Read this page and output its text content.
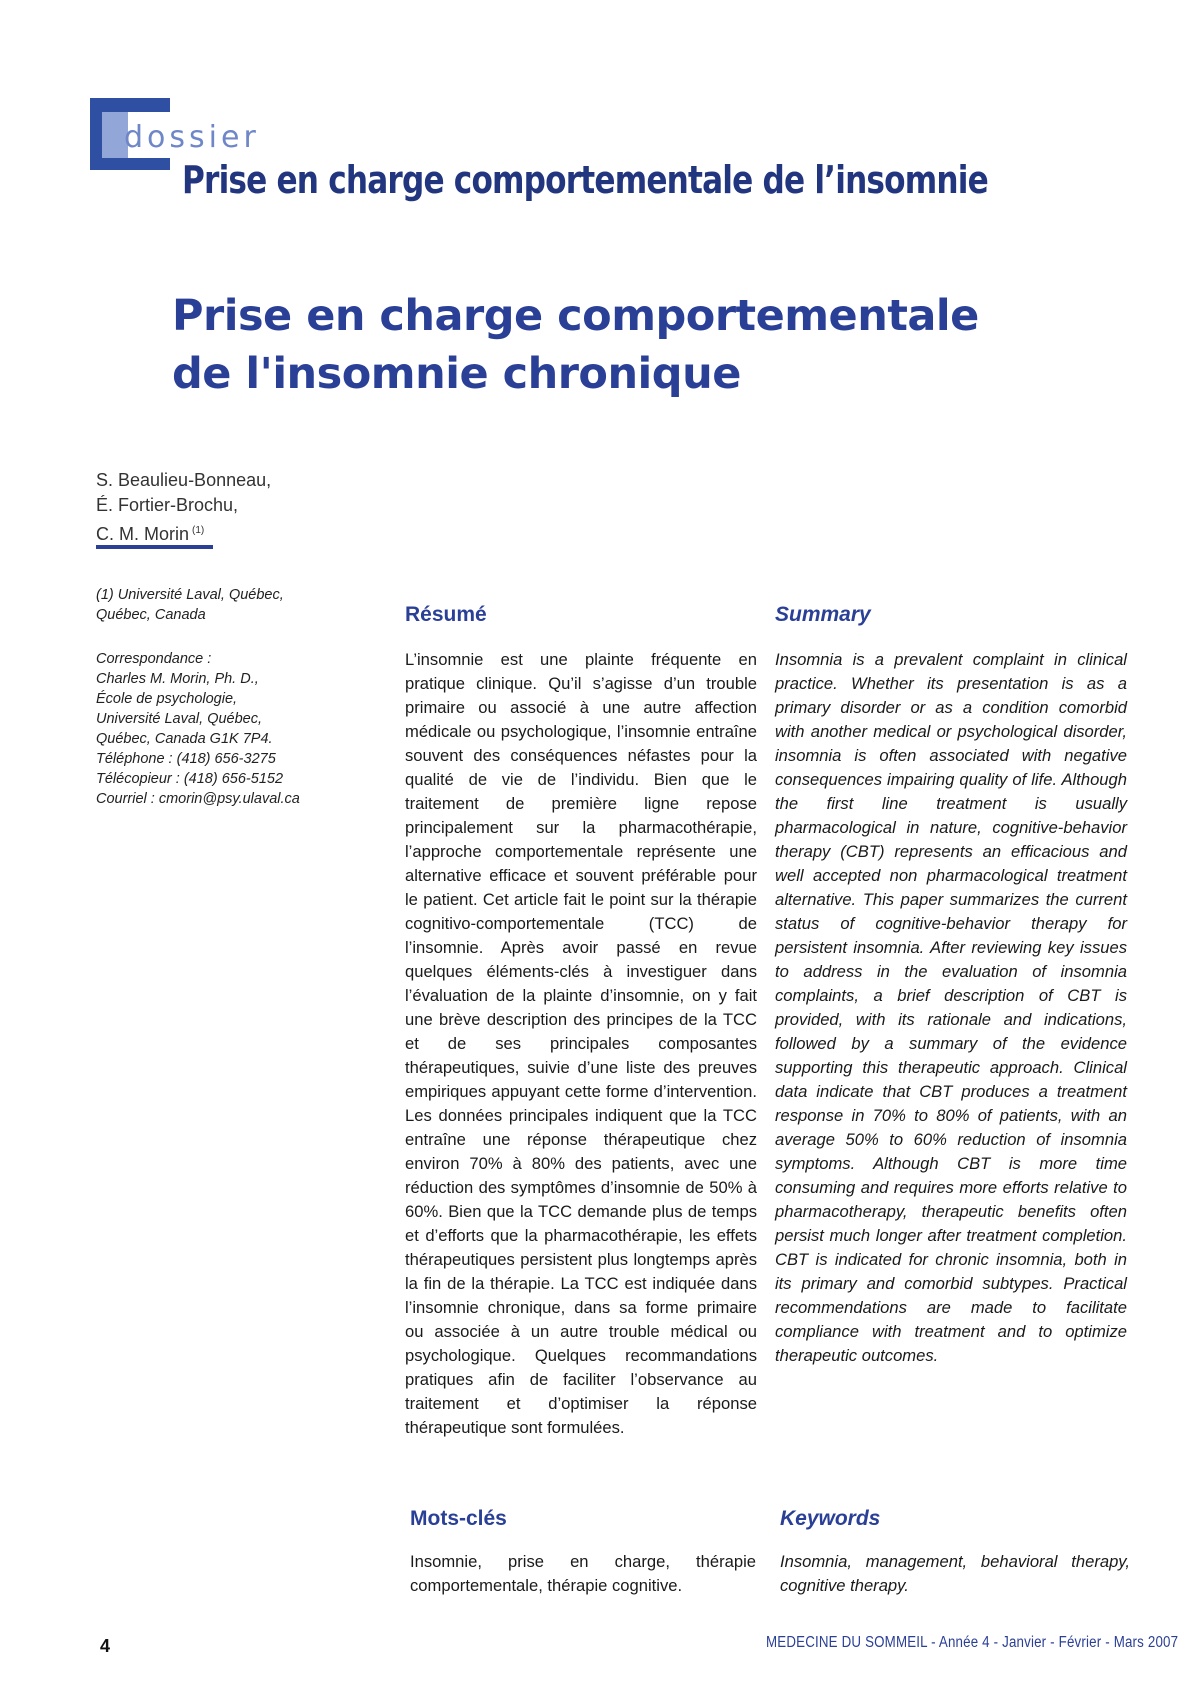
dossier
Prise en charge comportementale de l’insomnie
Prise en charge comportementale
de l'insomnie chronique
S. Beaulieu-Bonneau,
É. Fortier-Brochu,
C. M. Morin $^{(1)}$
(1) Université Laval, Québec,
Québec, Canada
Correspondance :
Charles M. Morin, Ph. D.,
École de psychologie,
Université Laval, Québec,
Québec, Canada G1K 7P4.
Téléphone : (418) 656-3275
Télécopieur : (418) 656-5152
Courriel : cmorin@psy.ulaval.ca
Résumé
L’insomnie est une plainte fréquente en pratique clinique. Qu’il s’agisse d’un trouble primaire ou associé à une autre affection médicale ou psychologique, l’insomnie entraîne souvent des conséquences néfastes pour la qualité de vie de l’individu. Bien que le traitement de première ligne repose principalement sur la pharmacothérapie, l’approche comportementale représente une alternative efficace et souvent préférable pour le patient. Cet article fait le point sur la thérapie cognitivo-comportementale (TCC) de l’insomnie. Après avoir passé en revue quelques éléments-clés à investiguer dans l’évaluation de la plainte d’insomnie, on y fait une brève description des principes de la TCC et de ses principales composantes thérapeutiques, suivie d’une liste des preuves empiriques appuyant cette forme d’intervention. Les données principales indiquent que la TCC entraîne une réponse thérapeutique chez environ 70% à 80% des patients, avec une réduction des symptômes d’insomnie de 50% à 60%. Bien que la TCC demande plus de temps et d’efforts que la pharmacothérapie, les effets thérapeutiques persistent plus longtemps après la fin de la thérapie. La TCC est indiquée dans l’insomnie chronique, dans sa forme primaire ou associée à un autre trouble médical ou psychologique. Quelques recommandations pratiques afin de faciliter l’observance au traitement et d’optimiser la réponse thérapeutique sont formulées.
Summary
Insomnia is a prevalent complaint in clinical practice. Whether its presentation is as a primary disorder or as a condition comorbid with another medical or psychological disorder, insomnia is often associated with negative consequences impairing quality of life. Although the first line treatment is usually pharmacological in nature, cognitive-behavior therapy (CBT) represents an efficacious and well accepted non pharmacological treatment alternative. This paper summarizes the current status of cognitive-behavior therapy for persistent insomnia. After reviewing key issues to address in the evaluation of insomnia complaints, a brief description of CBT is provided, with its rationale and indications, followed by a summary of the evidence supporting this therapeutic approach. Clinical data indicate that CBT produces a treatment response in 70% to 80% of patients, with an average 50% to 60% reduction of insomnia symptoms. Although CBT is more time consuming and requires more efforts relative to pharmacotherapy, therapeutic benefits often persist much longer after treatment completion. CBT is indicated for chronic insomnia, both in its primary and comorbid subtypes. Practical recommendations are made to facilitate compliance with treatment and to optimize therapeutic outcomes.
Mots-clés
Insomnie, prise en charge, thérapie comportementale, thérapie cognitive.
Keywords
Insomnia, management, behavioral therapy, cognitive therapy.
4	MEDECINE DU SOMMEIL - Année 4 - Janvier - Février - Mars 2007
